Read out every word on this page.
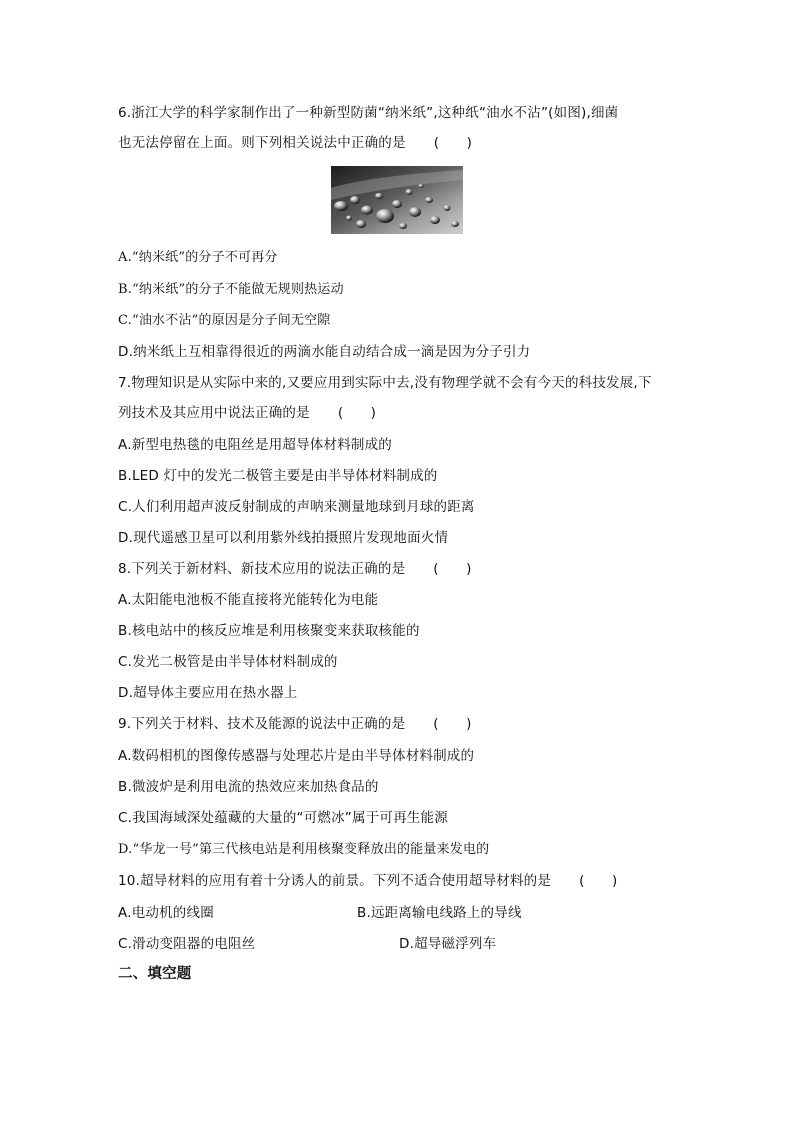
6.浙江大学的科学家制作出了一种新型防菌“纳米纸”,这种纸“油水不沾”(如图),细菌
也无法停留在上面。则下列相关说法中正确的是 (　　)
A.“纳米纸”的分子不可再分
B.“纳米纸”的分子不能做无规则热运动
C.“油水不沾”的原因是分子间无空隙
D.纳米纸上互相靠得很近的两滴水能自动结合成一滴是因为分子引力
7.物理知识是从实际中来的,又要应用到实际中去,没有物理学就不会有今天的科技发展,下
列技术及其应用中说法正确的是 (　　)
A.新型电热毯的电阻丝是用超导体材料制成的
B.LED 灯中的发光二极管主要是由半导体材料制成的
C.人们利用超声波反射制成的声呐来测量地球到月球的距离
D.现代遥感卫星可以利用紫外线拍摄照片发现地面火情
8.下列关于新材料、新技术应用的说法正确的是 (　　)
A.太阳能电池板不能直接将光能转化为电能
B.核电站中的核反应堆是利用核聚变来获取核能的
C.发光二极管是由半导体材料制成的
D.超导体主要应用在热水器上
9.下列关于材料、技术及能源的说法中正确的是 (　　)
A.数码相机的图像传感器与处理芯片是由半导体材料制成的
B.微波炉是利用电流的热效应来加热食品的
C.我国海域深处蕴藏的大量的“可燃冰”属于可再生能源
D.“华龙一号”第三代核电站是利用核聚变释放出的能量来发电的
10.超导材料的应用有着十分诱人的前景。下列不适合使用超导材料的是 (　　)
A.电动机的线圈	B.远距离输电线路上的导线
C.滑动变阻器的电阻丝	D.超导磁浮列车
二、填空题
